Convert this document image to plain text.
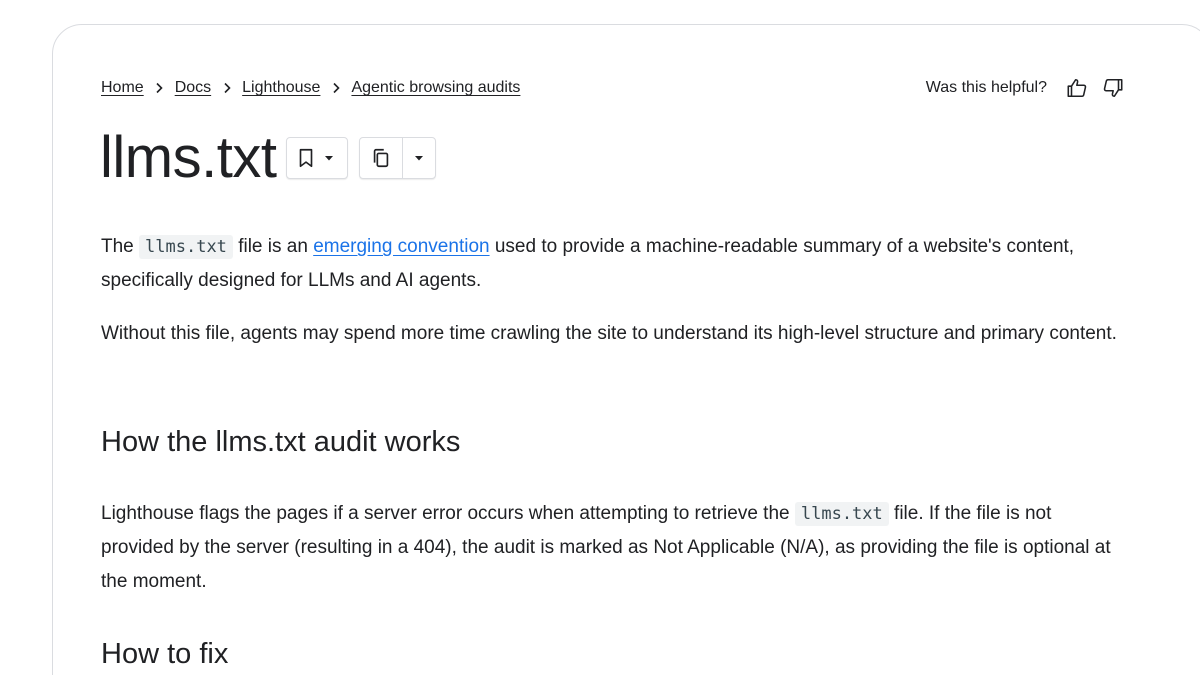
Home Docs Lighthouse Agentic browsing audits	Was this helpful?
llms.txt

The llms.txt file is an emerging convention used to provide a machine-readable summary of a website's content, specifically designed for LLMs and AI agents.

Without this file, agents may spend more time crawling the site to understand its high-level structure and primary content.

How the llms.txt audit works

Lighthouse flags the pages if a server error occurs when attempting to retrieve the llms.txt file. If the file is not provided by the server (resulting in a 404), the audit is marked as Not Applicable (N/A), as providing the file is optional at the moment.

How to fix
